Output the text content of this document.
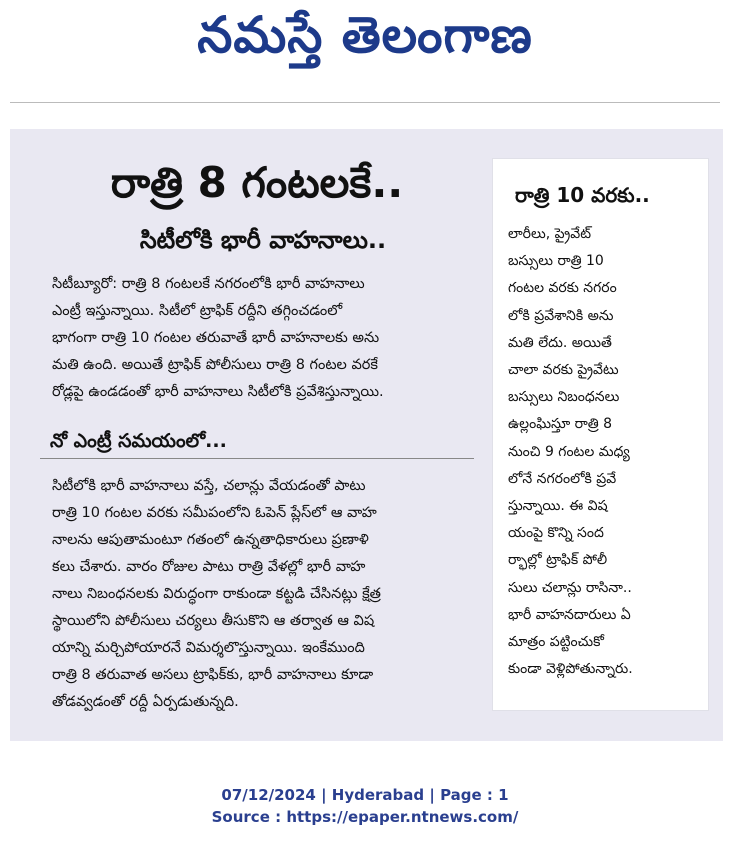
నమస్తే తెలంగాణ
రాత్రి 8 గంటలకే..
సిటీలోకి భారీ వాహనాలు..
సిటీబ్యూరో: రాత్రి 8 గంటలకే నగరంలోకి భారీ వాహనాలు
ఎంట్రీ ఇస్తున్నాయి. సిటీలో ట్రాఫిక్ రద్దీని తగ్గించడంలో
భాగంగా రాత్రి 10 గంటల తరువాతే భారీ వాహనాలకు అను
మతి ఉంది. అయితే ట్రాఫిక్ పోలీసులు రాత్రి 8 గంటల వరకే
రోడ్లపై ఉండడంతో భారీ వాహనాలు సిటీలోకి ప్రవేశిస్తున్నాయి.
నో ఎంట్రీ సమయంలో...
సిటీలోకి భారీ వాహనాలు వస్తే, చలాన్లు వేయడంతో పాటు
రాత్రి 10 గంటల వరకు సమీపంలోని ఓపెన్ ప్లేస్‌లో ఆ వాహ
నాలను ఆపుతామంటూ గతంలో ఉన్నతాధికారులు ప్రణాళి
కలు చేశారు. వారం రోజుల పాటు రాత్రి వేళల్లో భారీ వాహ
నాలు నిబంధనలకు విరుద్ధంగా రాకుండా కట్టడి చేసినట్లు క్షేత్ర
స్థాయిలోని పోలీసులు చర్యలు తీసుకొని ఆ తర్వాత ఆ విష
యాన్ని మర్చిపోయారనే విమర్శలొస్తున్నాయి. ఇంకేముంది
రాత్రి 8 తరువాత అసలు ట్రాఫిక్‌కు, భారీ వాహనాలు కూడా
తోడవ్వడంతో రద్దీ ఏర్పడుతున్నది.
రాత్రి 10 వరకు..
లారీలు, ప్రైవేట్
బస్సులు రాత్రి 10
గంటల వరకు నగరం
లోకి ప్రవేశానికి అను
మతి లేదు. అయితే
చాలా వరకు ప్రైవేటు
బస్సులు నిబంధనలు
ఉల్లంఘిస్తూ రాత్రి 8
నుంచి 9 గంటల మధ్య
లోనే నగరంలోకి ప్రవే
స్తున్నాయి. ఈ విష
యంపై కొన్ని సంద
ర్భాల్లో ట్రాఫిక్ పోలీ
సులు చలాన్లు రాసినా..
భారీ వాహనదారులు ఏ
మాత్రం పట్టించుకో
కుండా వెళ్లిపోతున్నారు.
07/12/2024 | Hyderabad | Page : 1
Source : https://epaper.ntnews.com/
